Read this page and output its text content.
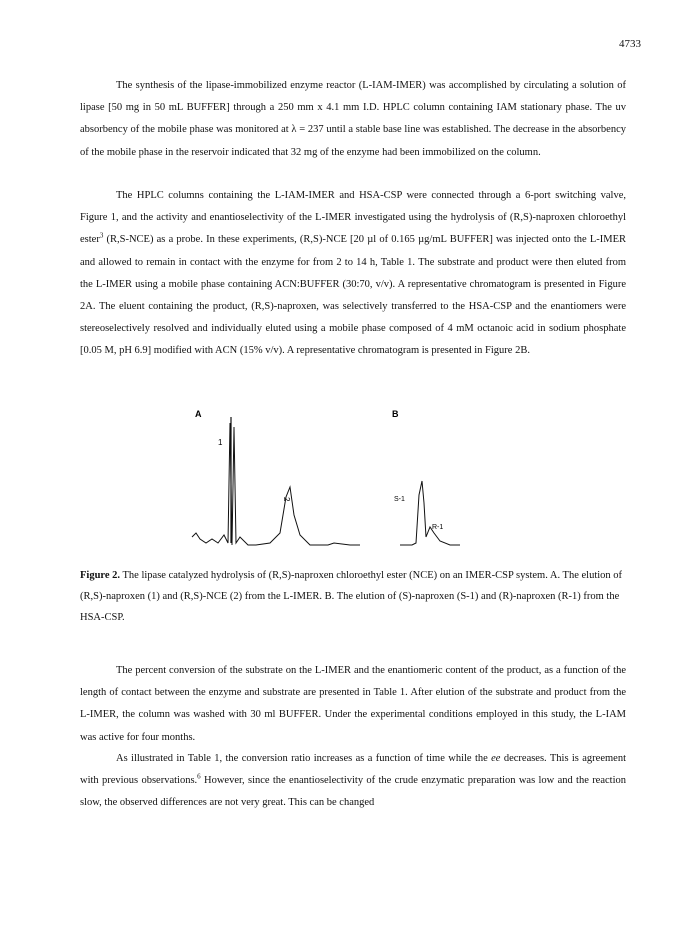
4733

The synthesis of the lipase-immobilized enzyme reactor (L-IAM-IMER) was accomplished by circulating a solution of lipase [50 mg in 50 mL BUFFER] through a 250 mm x 4.1 mm I.D. HPLC column containing IAM stationary phase. The uv absorbency of the mobile phase was monitored at λ = 237 until a stable base line was established. The decrease in the absorbency of the mobile phase in the reservoir indicated that 32 mg of the enzyme had been immobilized on the column.

The HPLC columns containing the L-IAM-IMER and HSA-CSP were connected through a 6-port switching valve, Figure 1, and the activity and enantioselectivity of the L-IMER investigated using the hydrolysis of (R,S)-naproxen chloroethyl ester$^3$ (R,S-NCE) as a probe. In these experiments, (R,S)-NCE [20 µl of 0.165 µg/mL BUFFER] was injected onto the L-IMER and allowed to remain in contact with the enzyme for from 2 to 14 h, Table 1. The substrate and product were then eluted from the L-IMER using a mobile phase containing ACN:BUFFER (30:70, v/v). A representative chromatogram is presented in Figure 2A. The eluent containing the product, (R,S)-naproxen, was selectively transferred to the HSA-CSP and the enantiomers were stereoselectively resolved and individually eluted using a mobile phase composed of 4 mM octanoic acid in sodium phosphate [0.05 M, pH 6.9] modified with ACN (15% v/v). A representative chromatogram is presented in Figure 2B.

A
1
2
B
S-1
R-1

Figure 2. The lipase catalyzed hydrolysis of (R,S)-naproxen chloroethyl ester (NCE) on an IMER-CSP system. A. The elution of (R,S)-naproxen (1) and (R,S)-NCE (2) from the L-IMER. B. The elution of (S)-naproxen (S-1) and (R)-naproxen (R-1) from the HSA-CSP.

The percent conversion of the substrate on the L-IMER and the enantiomeric content of the product, as a function of the length of contact between the enzyme and substrate are presented in Table 1. After elution of the substrate and product from the L-IMER, the column was washed with 30 ml BUFFER. Under the experimental conditions employed in this study, the L-IAM was active for four months.

As illustrated in Table 1, the conversion ratio increases as a function of time while the ee decreases. This is agreement with previous observations.$^6$ However, since the enantioselectivity of the crude enzymatic preparation was low and the reaction slow, the observed differences are not very great. This can be changed
